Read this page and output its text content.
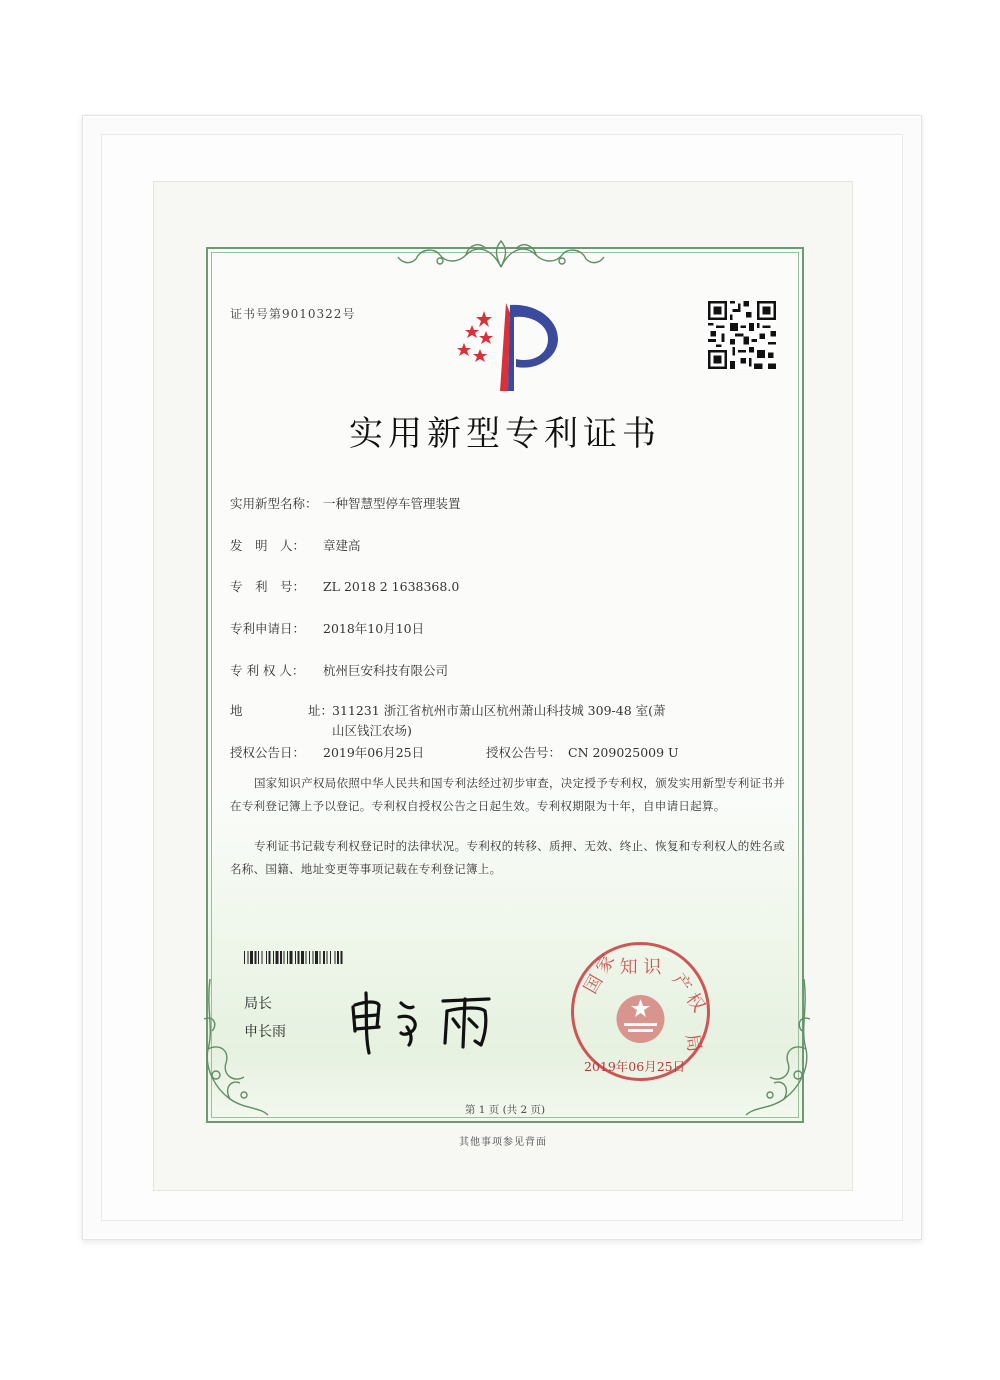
证书号第9010322号
实用新型专利证书
实用新型名称： 一种智慧型停车管理装置
发　明　人： 章建高
专　利　号： ZL 2018 2 1638368.0
专利申请日： 2018年10月10日
专 利 权 人： 杭州巨安科技有限公司
地	址：
311231 浙江省杭州市萧山区杭州萧山科技城 309-48 室(萧山区钱江农场)
授权公告日： 2019年06月25日	授权公告号： CN 209025009 U
国家知识产权局依照中华人民共和国专利法经过初步审查，决定授予专利权，颁发实用新型专利证书并在专利登记簿上予以登记。专利权自授权公告之日起生效。专利权期限为十年，自申请日起算。
专利证书记载专利权登记时的法律状况。专利权的转移、质押、无效、终止、恢复和专利权人的姓名或名称、国籍、地址变更等事项记载在专利登记簿上。
局长
申长雨
知 识
国 家	产 权
局
2019年06月25日
第 1 页 (共 2 页)
其他事项参见背面
